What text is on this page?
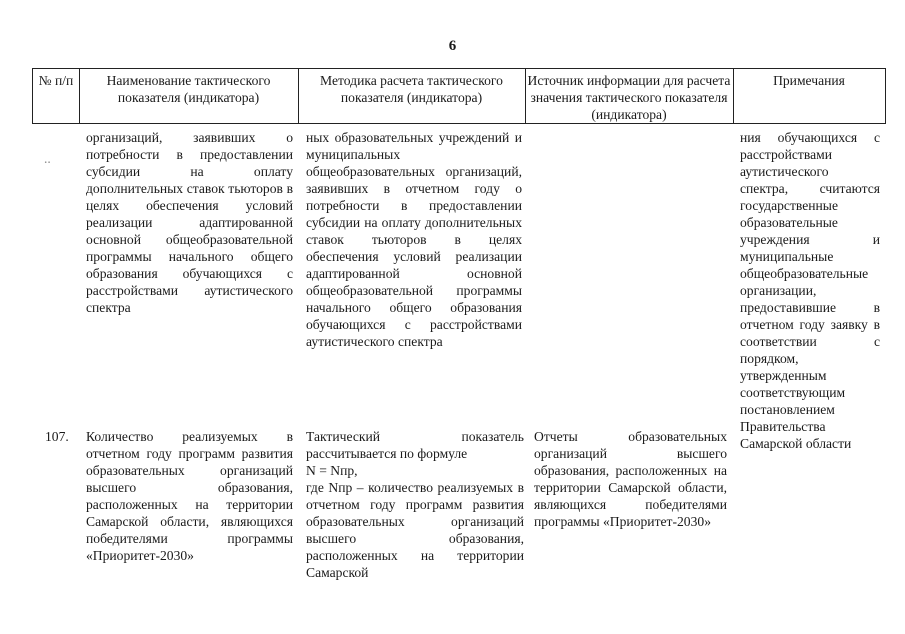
6
№ п/п	Наименование тактического показателя (индикатора)
Методика расчета тактического показателя (индикатора)
Источник информации для расчета значения тактического показателя (индикатора)
Примечания
..
организаций, заявивших о потребности в предоставлении субсидии на оплату дополнительных ставок тьюторов в целях обеспечения условий реализации адаптированной основной общеобразовательной программы начального общего образования обучающихся с расстройствами аутистического спектра
ных образовательных учреждений и муниципальных общеобразовательных организаций, заявивших в отчетном году о потребности в предоставлении субсидии на оплату дополнительных ставок тьюторов в целях обеспечения условий реализации адаптированной основной общеобразовательной программы начального общего образования обучающихся с расстройствами аутистического спектра
ния обучающихся с расстройствами аутистического спектра, считаются государственные образовательные учреждения и муниципальные общеобразовательные организации, предоставившие в отчетном году заявку в соответствии с порядком, утвержденным соответствующим постановлением Правительства Самарской области
107. Количество реализуемых в отчетном году программ развития образовательных организаций высшего образования, расположенных на территории Самарской области, являющихся победителями программы «Приоритет-2030»
Тактический показатель рассчитывается по формуле
N = Nпр,
где Nпр – количество реализуемых в отчетном году программ развития образовательных организаций высшего образования, расположенных на территории Самарской
Отчеты образовательных организаций высшего образования, расположенных на территории Самарской области, являющихся победителями программы «Приоритет-2030»
